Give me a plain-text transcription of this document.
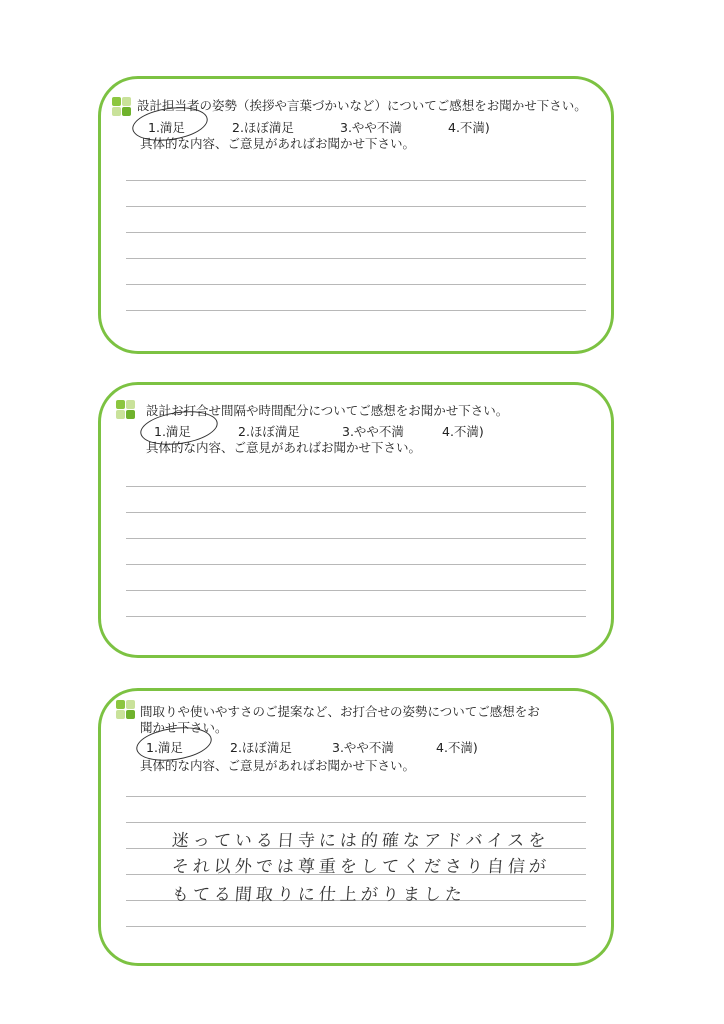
設計担当者の姿勢（挨拶や言葉づかいなど）についてご感想をお聞かせ下さい。
1.満足	2.ほぼ満足	3.やや不満	4.不満)
具体的な内容、ご意見があればお聞かせ下さい。
設計お打合せ間隔や時間配分についてご感想をお聞かせ下さい。
1.満足	2.ほぼ満足	3.やや不満	4.不満)
具体的な内容、ご意見があればお聞かせ下さい。
間取りや使いやすさのご提案など、お打合せの姿勢についてご感想をお
聞かせ下さい。
1.満足	2.ほぼ満足	3.やや不満	4.不満)
具体的な内容、ご意見があればお聞かせ下さい。
迷っている日寺には的確なアドバイスを
それ以外では尊重をしてくださり自信が
もてる間取りに仕上がりました
